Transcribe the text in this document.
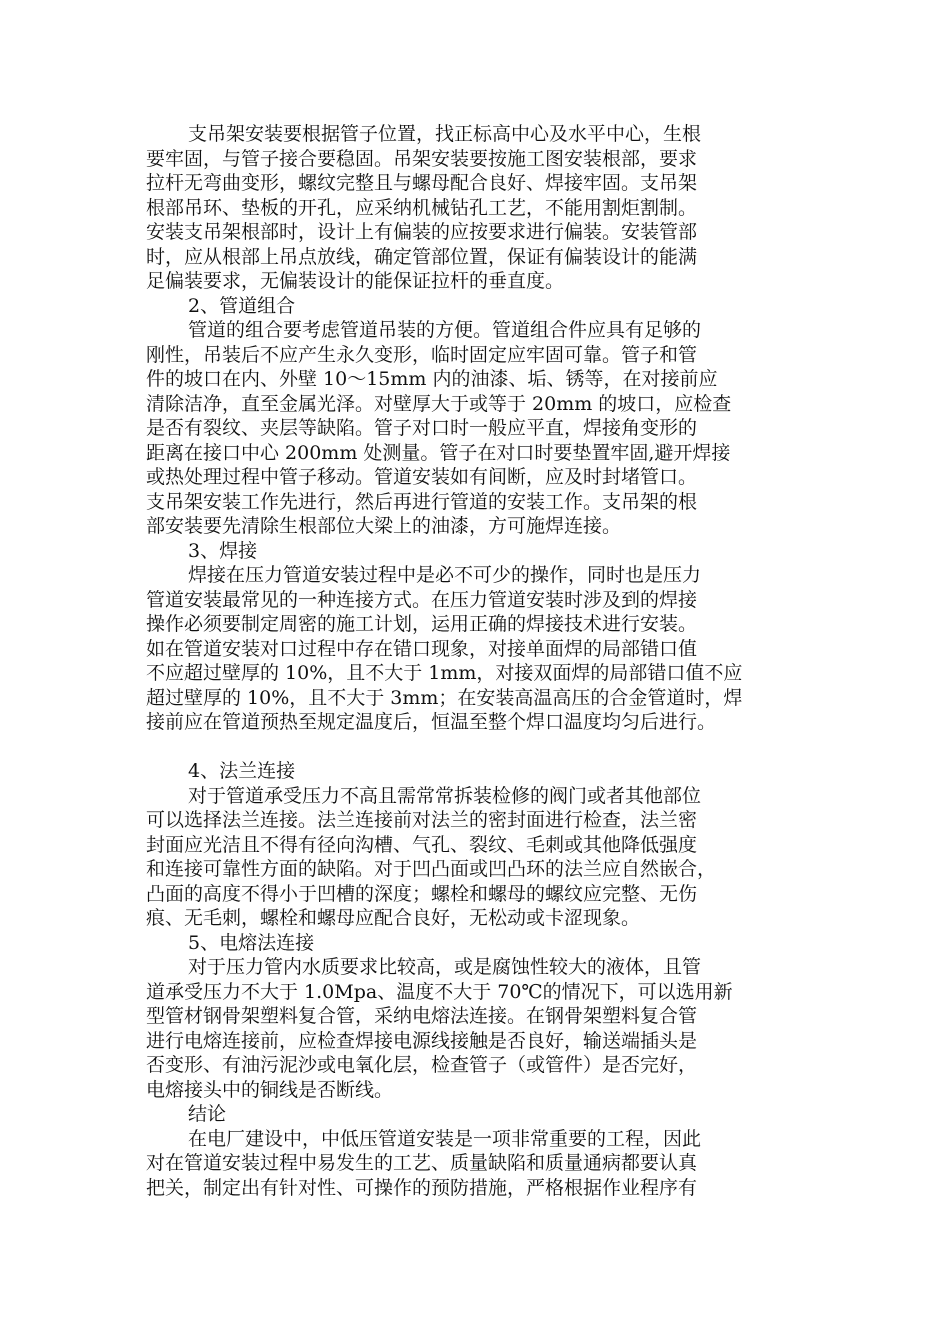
支吊架安装要根据管子位置，找正标高中心及水平中心，生根
要牢固，与管子接合要稳固。吊架安装要按施工图安装根部，要求
拉杆无弯曲变形，螺纹完整且与螺母配合良好、焊接牢固。支吊架
根部吊环、垫板的开孔，应采纳机械钻孔工艺，不能用割炬割制。
安装支吊架根部时，设计上有偏装的应按要求进行偏装。安装管部
时，应从根部上吊点放线，确定管部位置，保证有偏装设计的能满
足偏装要求，无偏装设计的能保证拉杆的垂直度。
2、管道组合
管道的组合要考虑管道吊装的方便。管道组合件应具有足够的
刚性，吊装后不应产生永久变形，临时固定应牢固可靠。管子和管
件的坡口在内、外壁 10～15mm 内的油漆、垢、锈等，在对接前应
清除洁净，直至金属光泽。对壁厚大于或等于 20mm 的坡口，应检查
是否有裂纹、夹层等缺陷。管子对口时一般应平直，焊接角变形的
距离在接口中心 200mm 处测量。管子在对口时要垫置牢固,避开焊接
或热处理过程中管子移动。管道安装如有间断，应及时封堵管口。
支吊架安装工作先进行，然后再进行管道的安装工作。支吊架的根
部安装要先清除生根部位大梁上的油漆，方可施焊连接。
3、焊接
焊接在压力管道安装过程中是必不可少的操作，同时也是压力
管道安装最常见的一种连接方式。在压力管道安装时涉及到的焊接
操作必须要制定周密的施工计划，运用正确的焊接技术进行安装。
如在管道安装对口过程中存在错口现象，对接单面焊的局部错口值
不应超过壁厚的 10%，且不大于 1mm，对接双面焊的局部错口值不应
超过壁厚的 10%，且不大于 3mm；在安装高温高压的合金管道时，焊
接前应在管道预热至规定温度后，恒温至整个焊口温度均匀后进行。
4、法兰连接
对于管道承受压力不高且需常常拆装检修的阀门或者其他部位
可以选择法兰连接。法兰连接前对法兰的密封面进行检查，法兰密
封面应光洁且不得有径向沟槽、气孔、裂纹、毛刺或其他降低强度
和连接可靠性方面的缺陷。对于凹凸面或凹凸环的法兰应自然嵌合，
凸面的高度不得小于凹槽的深度；螺栓和螺母的螺纹应完整、无伤
痕、无毛刺，螺栓和螺母应配合良好，无松动或卡涩现象。
5、电熔法连接
对于压力管内水质要求比较高，或是腐蚀性较大的液体，且管
道承受压力不大于 1.0Mpa、温度不大于 70℃的情况下，可以选用新
型管材钢骨架塑料复合管，采纳电熔法连接。在钢骨架塑料复合管
进行电熔连接前，应检查焊接电源线接触是否良好，输送端插头是
否变形、有油污泥沙或电氧化层，检查管子（或管件）是否完好，
电熔接头中的铜线是否断线。
结论
在电厂建设中，中低压管道安装是一项非常重要的工程，因此
对在管道安装过程中易发生的工艺、质量缺陷和质量通病都要认真
把关，制定出有针对性、可操作的预防措施，严格根据作业程序有
